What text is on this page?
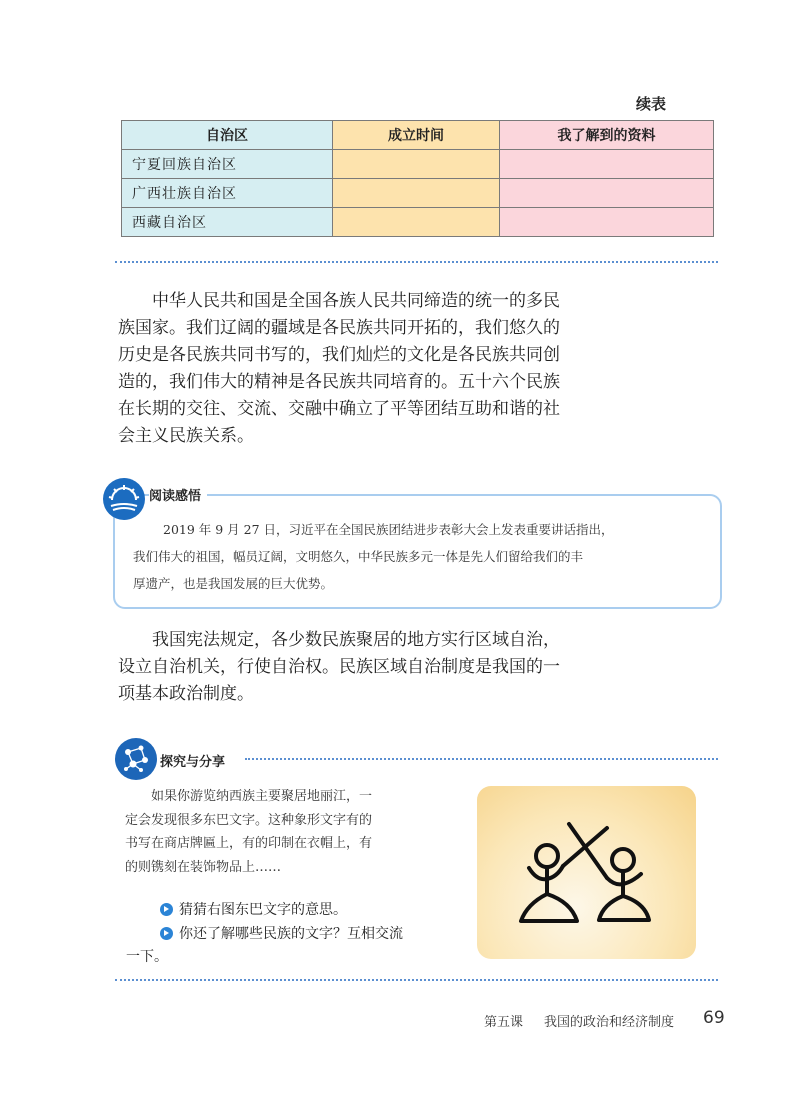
续表
自治区	成立时间	我了解到的资料
宁夏回族自治区		
广西壮族自治区		
西藏自治区		
中华人民共和国是全国各族人民共同缔造的统一的多民
族国家。我们辽阔的疆域是各民族共同开拓的，我们悠久的
历史是各民族共同书写的，我们灿烂的文化是各民族共同创
造的，我们伟大的精神是各民族共同培育的。五十六个民族
在长期的交往、交流、交融中确立了平等团结互助和谐的社
会主义民族关系。
阅读感悟
2019 年 9 月 27 日，习近平在全国民族团结进步表彰大会上发表重要讲话指出，
我们伟大的祖国，幅员辽阔，文明悠久，中华民族多元一体是先人们留给我们的丰
厚遗产，也是我国发展的巨大优势。
我国宪法规定，各少数民族聚居的地方实行区域自治，
设立自治机关，行使自治权。民族区域自治制度是我国的一
项基本政治制度。
探究与分享
如果你游览纳西族主要聚居地丽江，一
定会发现很多东巴文字。这种象形文字有的
书写在商店牌匾上，有的印制在衣帽上，有
的则镌刻在装饰物品上……
猜猜右图东巴文字的意思。
你还了解哪些民族的文字？互相交流
一下。
第五课 我国的政治和经济制度 69
